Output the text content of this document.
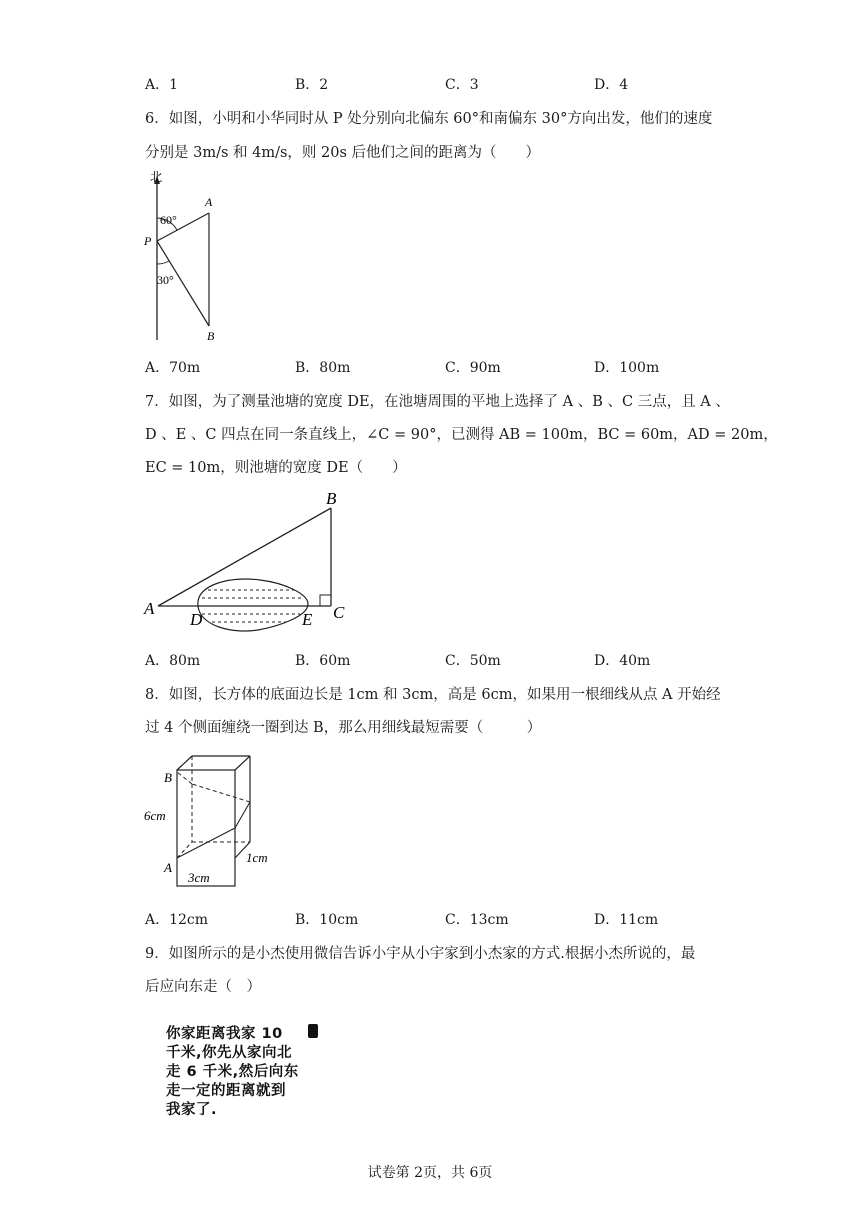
A．1	B．2	C．3	D．4
6．如图，小明和小华同时从 P 处分别向北偏东 60°和南偏东 30°方向出发，他们的速度
分别是 3m/s 和 4m/s，则 20s 后他们之间的距离为（　　）
北
60°
30°
P
A
B
A．70m	B．80m	C．90m	D．100m
7．如图，为了测量池塘的宽度 DE，在池塘周围的平地上选择了 A 、B 、C 三点，且 A 、
D 、E 、C 四点在同一条直线上，∠C = 90°，已测得 AB = 100m，BC = 60m，AD = 20m，
EC = 10m，则池塘的宽度 DE（　　）
A
B
C
D	E
A．80m	B．60m	C．50m	D．40m
8．如图，长方体的底面边长是 1cm 和 3cm，高是 6cm，如果用一根细线从点 A 开始经
过 4 个侧面缠绕一圈到达 B，那么用细线最短需要（　　　）
B
A
6cm
3cm
1cm
A．12cm	B．10cm	C．13cm	D．11cm
9．如图所示的是小杰使用微信告诉小宇从小宇家到小杰家的方式.根据小杰所说的，最
后应向东走（　）
你家距离我家 10
千米,你先从家向北
走 6 千米,然后向东
走一定的距离就到
我家了.
试卷第 2页，共 6页
